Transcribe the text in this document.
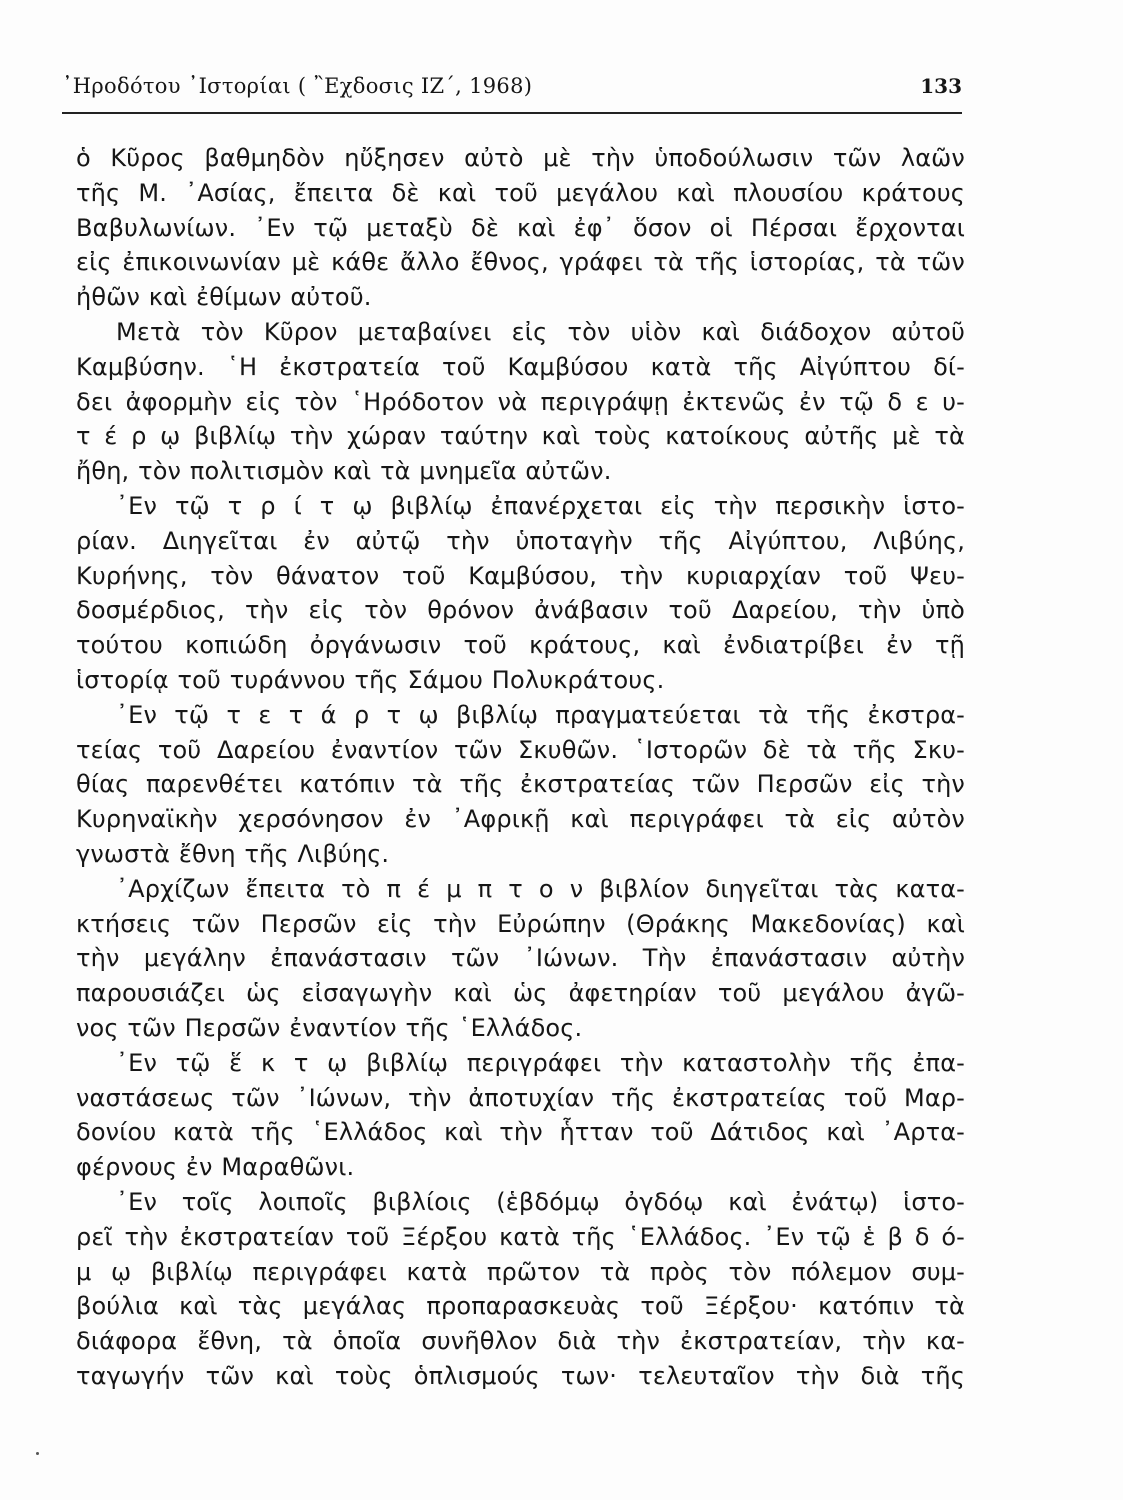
᾿Ηροδότου ᾿Ιστορίαι ( ῍Εχδοσις ΙΖ΄, 1968)	133
ὁ Κῦρος βαθμηδὸν ηὔξησεν αὐτὸ μὲ τὴν ὑποδούλωσιν τῶν λαῶν
τῆς Μ. ᾿Ασίας, ἔπειτα δὲ καὶ τοῦ μεγάλου καὶ πλουσίου κράτους
Βαβυλωνίων. ᾿Εν τῷ μεταξὺ δὲ καὶ ἐφ᾿ ὅσον οἱ Πέρσαι ἔρχονται
εἰς ἐπικοινωνίαν μὲ κάθε ἄλλο ἔθνος, γράφει τὰ τῆς ἱστορίας, τὰ τῶν
ἠθῶν καὶ ἐθίμων αὐτοῦ.
Μετὰ τὸν Κῦρον μεταβαίνει εἰς τὸν υἱὸν καὶ διάδοχον αὐτοῦ
Καμβύσην. ῾Η ἐκστρατεία τοῦ Καμβύσου κατὰ τῆς Αἰγύπτου δί-
δει ἀφορμὴν εἰς τὸν ῾Ηρόδοτον νὰ περιγράψῃ ἐκτενῶς ἐν τῷ δ ε υ-
τ έ ρ ῳ βιβλίῳ τὴν χώραν ταύτην καὶ τοὺς κατοίκους αὐτῆς μὲ τὰ
ἤθη, τὸν πολιτισμὸν καὶ τὰ μνημεῖα αὐτῶν.
᾿Εν τῷ τ ρ ί τ ῳ βιβλίῳ ἐπανέρχεται εἰς τὴν περσικὴν ἱστο-
ρίαν. Διηγεῖται ἐν αὐτῷ τὴν ὑποταγὴν τῆς Αἰγύπτου, Λιβύης,
Κυρήνης, τὸν θάνατον τοῦ Καμβύσου, τὴν κυριαρχίαν τοῦ Ψευ-
δοσμέρδιος, τὴν εἰς τὸν θρόνον ἀνάβασιν τοῦ Δαρείου, τὴν ὑπὸ
τούτου κοπιώδη ὀργάνωσιν τοῦ κράτους, καὶ ἐνδιατρίβει ἐν τῇ
ἱστορίᾳ τοῦ τυράννου τῆς Σάμου Πολυκράτους.
᾿Εν τῷ τ ε τ ά ρ τ ῳ βιβλίῳ πραγματεύεται τὰ τῆς ἐκστρα-
τείας τοῦ Δαρείου ἐναντίον τῶν Σκυθῶν. ῾Ιστορῶν δὲ τὰ τῆς Σκυ-
θίας παρενθέτει κατόπιν τὰ τῆς ἐκστρατείας τῶν Περσῶν εἰς τὴν
Κυρηναϊκὴν χερσόνησον ἐν ᾿Αφρικῇ καὶ περιγράφει τὰ εἰς αὐτὸν
γνωστὰ ἔθνη τῆς Λιβύης.
᾿Αρχίζων ἔπειτα τὸ π έ μ π τ ο ν βιβλίον διηγεῖται τὰς κατα-
κτήσεις τῶν Περσῶν εἰς τὴν Εὐρώπην (Θράκης Μακεδονίας) καὶ
τὴν μεγάλην ἐπανάστασιν τῶν ᾿Ιώνων. Τὴν ἐπανάστασιν αὐτὴν
παρουσιάζει ὡς εἰσαγωγὴν καὶ ὡς ἀφετηρίαν τοῦ μεγάλου ἀγῶ-
νος τῶν Περσῶν ἐναντίον τῆς ῾Ελλάδος.
᾿Εν τῷ ἕ κ τ ῳ βιβλίῳ περιγράφει τὴν καταστολὴν τῆς ἐπα-
ναστάσεως τῶν ᾿Ιώνων, τὴν ἀποτυχίαν τῆς ἐκστρατείας τοῦ Μαρ-
δονίου κατὰ τῆς ῾Ελλάδος καὶ τὴν ἧτταν τοῦ Δάτιδος καὶ ᾿Αρτα-
φέρνους ἐν Μαραθῶνι.
᾿Εν τοῖς λοιποῖς βιβλίοις (ἑβδόμῳ ὀγδόῳ καὶ ἐνάτῳ) ἱστο-
ρεῖ τὴν ἐκστρατείαν τοῦ Ξέρξου κατὰ τῆς ῾Ελλάδος. ᾿Εν τῷ ἑ β δ ό-
μ ῳ βιβλίῳ περιγράφει κατὰ πρῶτον τὰ πρὸς τὸν πόλεμον συμ-
βούλια καὶ τὰς μεγάλας προπαρασκευὰς τοῦ Ξέρξου· κατόπιν τὰ
διάφορα ἔθνη, τὰ ὁποῖα συνῆθλον διὰ τὴν ἐκστρατείαν, τὴν κα-
ταγωγήν τῶν καὶ τοὺς ὁπλισμούς των· τελευταῖον τὴν διὰ τῆς
